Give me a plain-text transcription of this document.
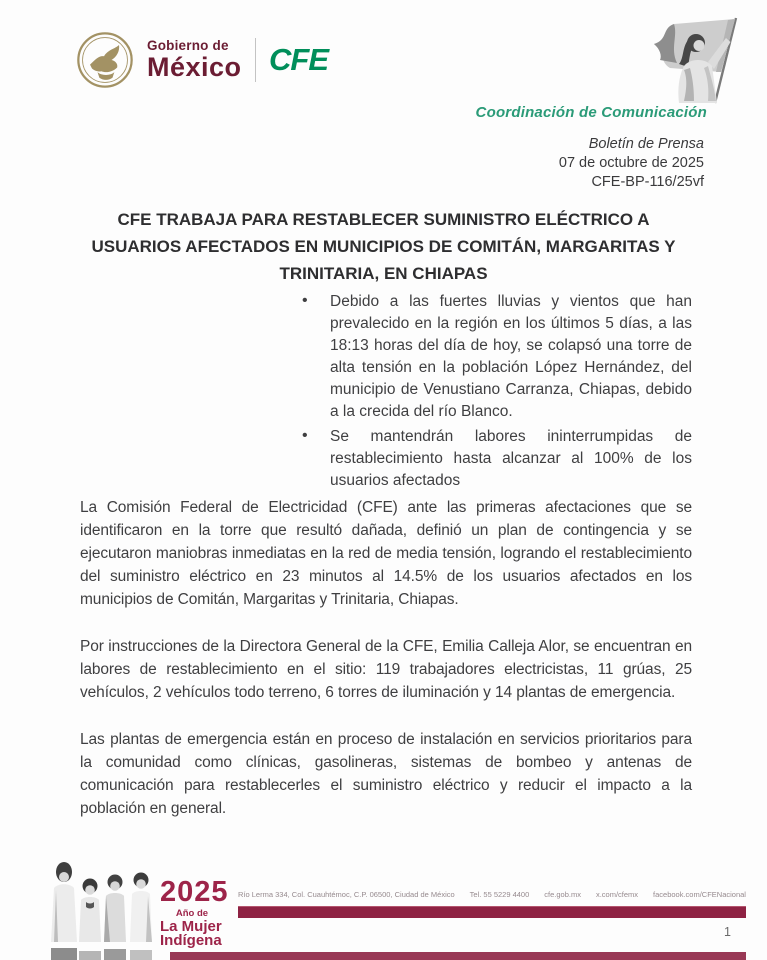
Gobierno de
México CFE
Coordinación de Comunicación
Boletín de Prensa
07 de octubre de 2025
CFE-BP-116/25vf
CFE TRABAJA PARA RESTABLECER SUMINISTRO ELÉCTRICO A USUARIOS AFECTADOS EN MUNICIPIOS DE COMITÁN, MARGARITAS Y TRINITARIA, EN CHIAPAS
• Debido a las fuertes lluvias y vientos que han prevalecido en la región en los últimos 5 días, a las 18:13 horas del día de hoy, se colapsó una torre de alta tensión en la población López Hernández, del municipio de Venustiano Carranza, Chiapas, debido a la crecida del río Blanco.
• Se mantendrán labores ininterrumpidas de restablecimiento hasta alcanzar al 100% de los usuarios afectados

La Comisión Federal de Electricidad (CFE) ante las primeras afectaciones que se identificaron en la torre que resultó dañada, definió un plan de contingencia y se ejecutaron maniobras inmediatas en la red de media tensión, logrando el restablecimiento del suministro eléctrico en 23 minutos al 14.5% de los usuarios afectados en los municipios de Comitán, Margaritas y Trinitaria, Chiapas.

Por instrucciones de la Directora General de la CFE, Emilia Calleja Alor, se encuentran en labores de restablecimiento en el sitio: 119 trabajadores electricistas, 11 grúas, 25 vehículos, 2 vehículos todo terreno, 6 torres de iluminación y 14 plantas de emergencia.

Las plantas de emergencia están en proceso de instalación en servicios prioritarios para la comunidad como clínicas, gasolineras, sistemas de bombeo y antenas de comunicación para restablecerles el suministro eléctrico y reducir el impacto a la población en general.

2025
Año de
La Mujer
Indígena
Río Lerma 334, Col. Cuauhtémoc, C.P. 06500, Ciudad de México Tel. 55 5229 4400 cfe.gob.mx x.com/cfemx facebook.com/CFENacional
1
